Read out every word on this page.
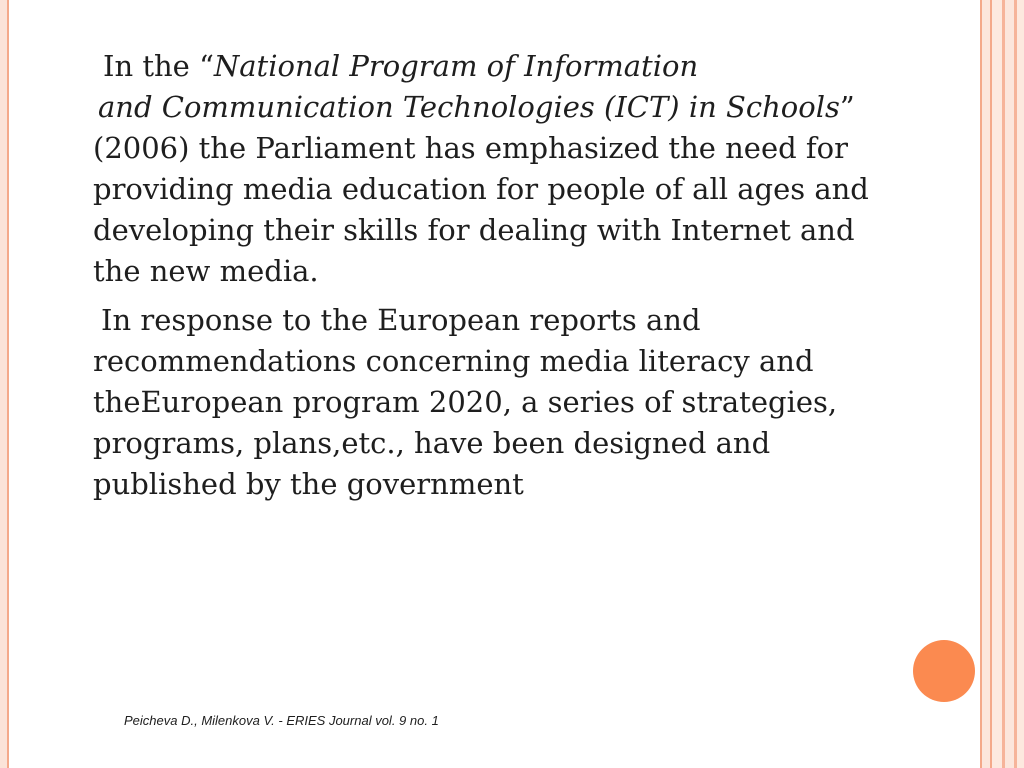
In the “National Program of Information

and Communication Technologies (ICT) in Schools”

(2006) the Parliament has emphasized the need for

providing media education for people of all ages and

developing their skills for dealing with Internet and

the new media.

In response to the European reports and

recommendations concerning media literacy and

theEuropean program 2020, a series of strategies,

programs, plans,etc., have been designed and

published by the government

Peicheva D., Milenkova V. - ERIES Journal vol. 9 no. 1
